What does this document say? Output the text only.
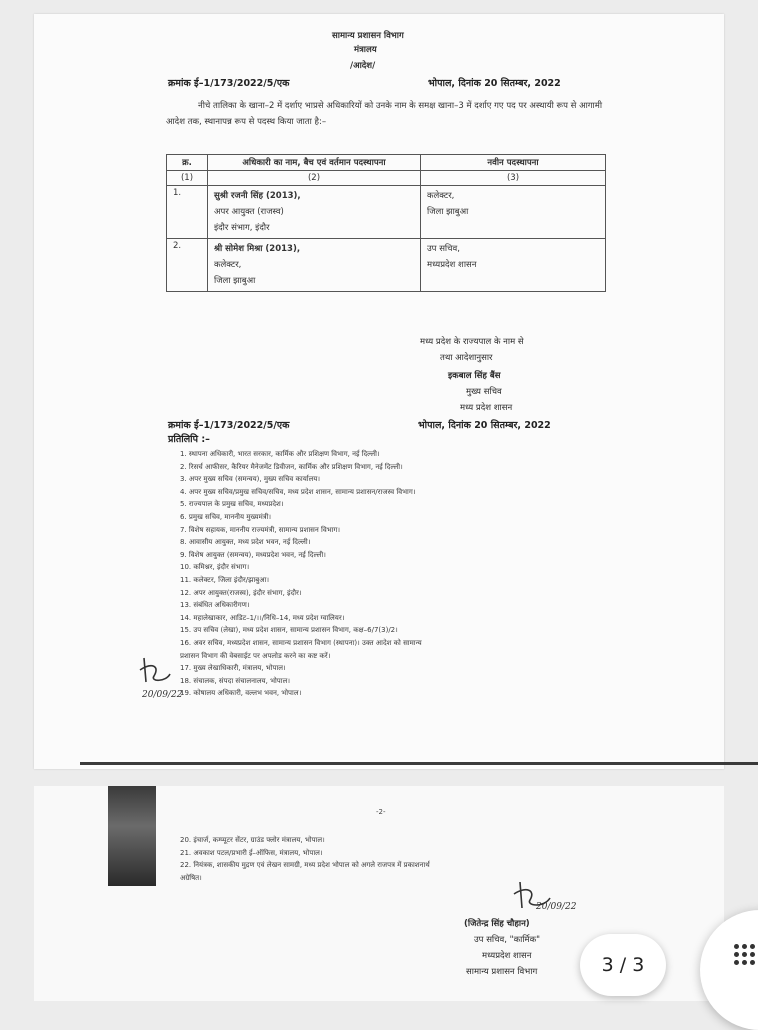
सामान्य प्रशासन विभाग
मंत्रालय
/आदेश/
क्रमांक ई–1/173/2022/5/एक	भोपाल, दिनांक 20 सितम्बर, 2022
नीचे तालिका के खाना–2 में दर्शाए भाप्रसे अधिकारियों को उनके नाम के समक्ष खाना–3 में दर्शाए गए पद पर अस्थायी रूप से आगामी आदेश तक, स्थानापन्न रूप से पदस्थ किया जाता है:–
क्र.	अधिकारी का नाम, बैच एवं वर्तमान पदस्थापना	नवीन पदस्थापना
(1)	(2)	(3)
1.	सुश्री रजनी सिंह (2013),
अपर आयुक्त (राजस्व)
इंदौर संभाग, इंदौर	कलेक्टर,
जिला झाबुआ

2.	श्री सोमेश मिश्रा (2013),
कलेक्टर,
जिला झाबुआ	उप सचिव,
मध्यप्रदेश शासन
मध्य प्रदेश के राज्यपाल के नाम से
तथा आदेशानुसार
इकबाल सिंह बैंस
मुख्य सचिव
मध्य प्रदेश शासन
क्रमांक ई–1/173/2022/5/एक	भोपाल, दिनांक 20 सितम्बर, 2022
प्रतिलिपि :–
1. स्थापना अधिकारी, भारत सरकार, कार्मिक और प्रशिक्षण विभाग, नई दिल्ली।
2. रिसर्च आफीसर, कैरियर मैनेजमेंट डिवीजन, कार्मिक और प्रशिक्षण विभाग, नई दिल्ली।
3. अपर मुख्य सचिव (समन्वय), मुख्य सचिव कार्यालय।
4. अपर मुख्य सचिव/प्रमुख सचिव/सचिव, मध्य प्रदेश शासन, सामान्य प्रशासन/राजस्व विभाग।
5. राज्यपाल के प्रमुख सचिव, मध्यप्रदेश।
6. प्रमुख सचिव, माननीय मुख्यमंत्री।
7. विशेष सहायक, माननीय राज्यमंत्री, सामान्य प्रशासन विभाग।
8. आवासीय आयुक्त, मध्य प्रदेश भवन, नई दिल्ली।
9. विशेष आयुक्त (समन्वय), मध्यप्रदेश भवन, नई दिल्ली।
10. कमिश्नर, इंदौर संभाग।
11. कलेक्टर, जिला इंदौर/झाबुआ।
12. अपर आयुक्त(राजस्व), इंदौर संभाग, इंदौर।
13. संबंधित अधिकारीगण।
14. महालेखाकार, आडिट–1/।।/निधि–14, मध्य प्रदेश ग्वालियर।
15. उप सचिव (लेखा), मध्य प्रदेश शासन, सामान्य प्रशासन विभाग, कक्ष–6/7(3)/2।
16. अवर सचिव, मध्यप्रदेश शासन, सामान्य प्रशासन विभाग (स्थापना)। उक्त आदेश को सामान्य
प्रशासन विभाग की वेबसाईट पर अपलोड करने का कष्ट करें।
17. मुख्य लेखाधिकारी, मंत्रालय, भोपाल।
18. संचालक, संपदा संचालनालय, भोपाल।
19. कोषालय अधिकारी, वल्लभ भवन, भोपाल।
20/09/22
-2-
20. इंचार्ज, कम्प्यूटर सेंटर, ग्राउंड फ्लोर मंत्रालय, भोपाल।
21. अवकाश पटल/प्रभारी ई–ऑफिस, मंत्रालय, भोपाल।
22. नियंत्रक, शासकीय मुद्रण एवं लेखन सामग्री, मध्य प्रदेश भोपाल को अगले राजपत्र में प्रकाशनार्थ
अग्रेषित।
20/09/22
(जितेन्द्र सिंह चौहान)
उप सचिव, "कार्मिक"
मध्यप्रदेश शासन
सामान्य प्रशासन विभाग	3 / 3
